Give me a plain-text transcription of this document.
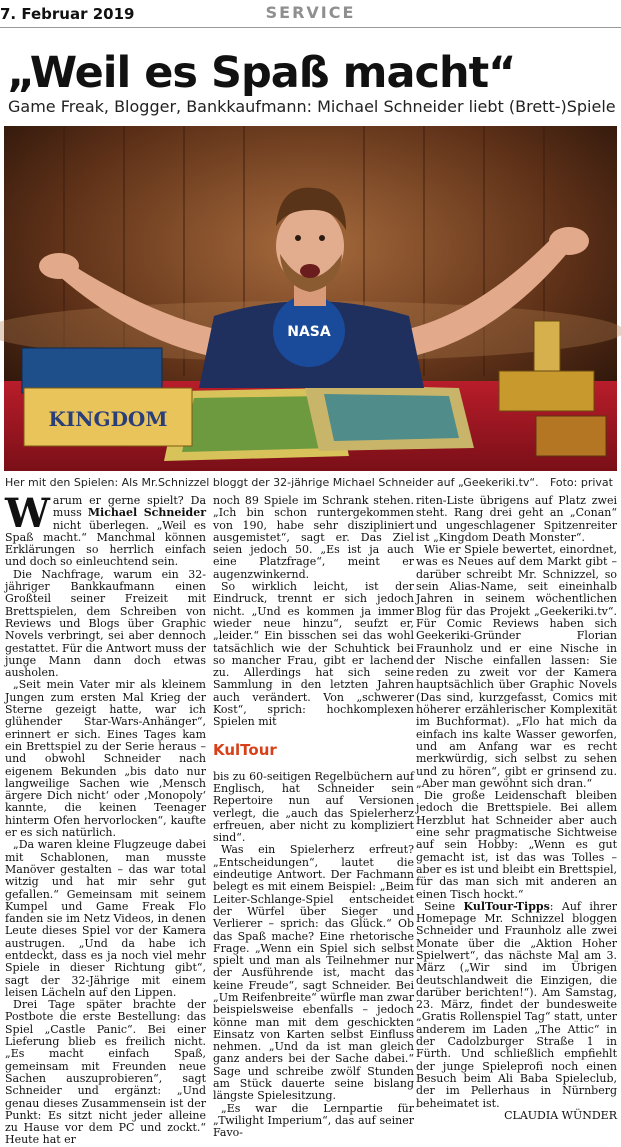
7. Februar 2019	SERVICE
„Weil es Spaß macht“
Game Freak, Blogger, Bankkaufmann: Michael Schneider liebt (Brett-)Spiele
KINGDOM
NASA
Her mit den Spielen: Als Mr.Schnizzel bloggt der 32-jährige Michael Schneider auf „Geekeriki.tv“.	Foto: privat

Warum er gerne spielt? Da muss Michael Schneider nicht überlegen. „Weil es Spaß macht.“ Manchmal können Erklärungen so herrlich einfach und doch so einleuchtend sein.

Die Nachfrage, warum ein 32-jähriger Bankkaufmann einen Großteil seiner Freizeit mit Brettspielen, dem Schreiben von Reviews und Blogs über Graphic Novels verbringt, sei aber dennoch gestattet. Für die Antwort muss der junge Mann dann doch etwas ausholen.

„Seit mein Vater mir als kleinem Jungen zum ersten Mal Krieg der Sterne gezeigt hatte, war ich glühender Star-Wars-Anhänger“, erinnert er sich. Eines Tages kam ein Brettspiel zu der Serie heraus – und obwohl Schneider nach eigenem Bekunden „bis dato nur langweilige Sachen wie ‚Mensch ärgere Dich nicht‘ oder ‚Monopoly‘ kannte, die keinen Teenager hinterm Ofen hervorlocken“, kaufte er es sich natürlich.

„Da waren kleine Flugzeuge dabei mit Schablonen, man musste Manöver gestalten – das war total witzig und hat mir sehr gut gefallen.“ Gemeinsam mit seinem Kumpel und Game Freak Flo fanden sie im Netz Videos, in denen Leute dieses Spiel vor der Kamera austrugen. „Und da habe ich entdeckt, dass es ja noch viel mehr Spiele in dieser Richtung gibt“, sagt der 32-Jährige mit einem leisen Lächeln auf den Lippen.

Drei Tage später brachte der Postbote die erste Bestellung: das Spiel „Castle Panic“. Bei einer Lieferung blieb es freilich nicht. „Es macht einfach Spaß, gemeinsam mit Freunden neue Sachen auszuprobieren“, sagt Schneider und ergänzt: „Und genau dieses Zusammensein ist der Punkt: Es sitzt nicht jeder alleine zu Hause vor dem PC und zockt.“ Heute hat er

noch 89 Spiele im Schrank stehen. „Ich bin schon runtergekommen von 190, habe sehr diszipliniert ausgemistet“, sagt er. Das Ziel seien jedoch 50. „Es ist ja auch eine Platzfrage“, meint er augenzwinkernd.

So wirklich leicht, ist der Eindruck, trennt er sich jedoch nicht. „Und es kommen ja immer wieder neue hinzu“, seufzt er, „leider.“ Ein bisschen sei das wohl tatsächlich wie der Schuhtick bei so mancher Frau, gibt er lachend zu. Allerdings hat sich seine Sammlung in den letzten Jahren auch verändert. Von „schwerer Kost“, sprich: hochkomplexen Spielen mit

KulTour

bis zu 60-seitigen Regelbüchern auf Englisch, hat Schneider sein Repertoire nun auf Versionen verlegt, die „auch das Spielerherz erfreuen, aber nicht zu kompliziert sind“.

Was ein Spielerherz erfreut? „Entscheidungen“, lautet die eindeutige Antwort. Der Fachmann belegt es mit einem Beispiel: „Beim Leiter-Schlange-Spiel entscheidet der Würfel über Sieger und Verlierer – sprich: das Glück.“ Ob das Spaß mache? Eine rhetorische Frage. „Wenn ein Spiel sich selbst spielt und man als Teilnehmer nur der Ausführende ist, macht das keine Freude“, sagt Schneider. Bei „Um Reifenbreite“ würfle man zwar beispielsweise ebenfalls – jedoch könne man mit dem geschickten Einsatz von Karten selbst Einfluss nehmen. „Und da ist man gleich ganz anders bei der Sache dabei.“ Sage und schreibe zwölf Stunden am Stück dauerte seine bislang längste Spielesitzung.

„Es war die Lernpartie für „Twilight Imperium“, das auf seiner Favo-

riten-Liste übrigens auf Platz zwei steht. Rang drei geht an „Conan“ und ungeschlagener Spitzenreiter ist „Kingdom Death Monster“.

Wie er Spiele bewertet, einordnet, was es Neues auf dem Markt gibt – darüber schreibt Mr. Schnizzel, so sein Alias-Name, seit eineinhalb Jahren in seinem wöchentlichen Blog für das Projekt „Geekeriki.tv“. Für Comic Reviews haben sich Geekeriki-Gründer Florian Fraunholz und er eine Nische in der Nische einfallen lassen: Sie reden zu zweit vor der Kamera hauptsächlich über Graphic Novels (Das sind, kurzgefasst, Comics mit höherer erzählerischer Komplexität im Buchformat). „Flo hat mich da einfach ins kalte Wasser geworfen, und am Anfang war es recht merkwürdig, sich selbst zu sehen und zu hören“, gibt er grinsend zu. „Aber man gewöhnt sich dran.“

Die große Leidenschaft bleiben jedoch die Brettspiele. Bei allem Herzblut hat Schneider aber auch eine sehr pragmatische Sichtweise auf sein Hobby: „Wenn es gut gemacht ist, ist das was Tolles – aber es ist und bleibt ein Brettspiel, für das man sich mit anderen an einen Tisch hockt.“

Seine KulTour-Tipps: Auf ihrer Homepage Mr. Schnizzel bloggen Schneider und Fraunholz alle zwei Monate über die „Aktion Hoher Spielwert“, das nächste Mal am 3. März („Wir sind im Übrigen deutschlandweit die Einzigen, die darüber berichten!“). Am Samstag, 23. März, findet der bundesweite „Gratis Rollenspiel Tag“ statt, unter anderem im Laden „The Attic“ in der Cadolzburger Straße 1 in Fürth. Und schließlich empfiehlt der junge Spieleprofi noch einen Besuch beim Ali Baba Spieleclub, der im Pellerhaus in Nürnberg beheimatet ist.

CLAUDIA WÜNDER
